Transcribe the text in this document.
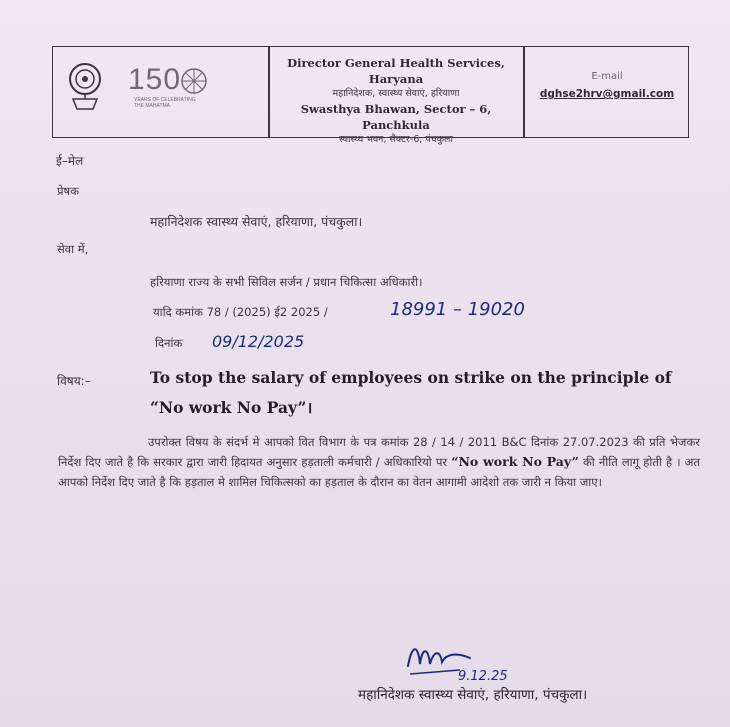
150
YEARS OF CELEBRATING THE MAHATMA
Director General Health Services, Haryana
महानिदेशक, स्वास्थ्य सेवाएं, हरियाणा
Swasthya Bhawan, Sector – 6, Panchkula
स्वास्थ्य भवन, सैक्टर-6, पंचकुला
E-mail
dghse2hrv@gmail.com
ई–मेल
प्रेषक
महानिदेशक स्वास्थ्य सेवाएं, हरियाणा, पंचकुला।
सेवा में,
हरियाणा राज्य के सभी सिविल सर्जन / प्रधान चिकित्सा अधिकारी।
यादि कमांक 78 / (2025) ई2 2025 /	18991 – 19020
दिनांक 09/12/2025
विषय:–	To stop the salary of employees on strike on the principle of “No work No Pay”।
उपरोक्त विषय के संदर्भ मे आपको वित विभाग के पत्र कमांक 28 / 14 / 2011 B&C दिनांक 27.07.2023 की प्रति भेजकर निर्देश दिए जाते है कि सरकार द्वारा जारी हिदायत अनुसार हड़ताली कर्मचारी / अधिकारियो पर “No work No Pay” की नीति लागू होती है । अत आपको निर्देश दिए जाते है कि हड़ताल मे शामिल चिकित्सको का हड़ताल के दौरान का वेतन आगामी आदेशो तक जारी न किया जाए।
9.12.25
महानिदेशक स्वास्थ्य सेवाएं, हरियाणा, पंचकुला।
